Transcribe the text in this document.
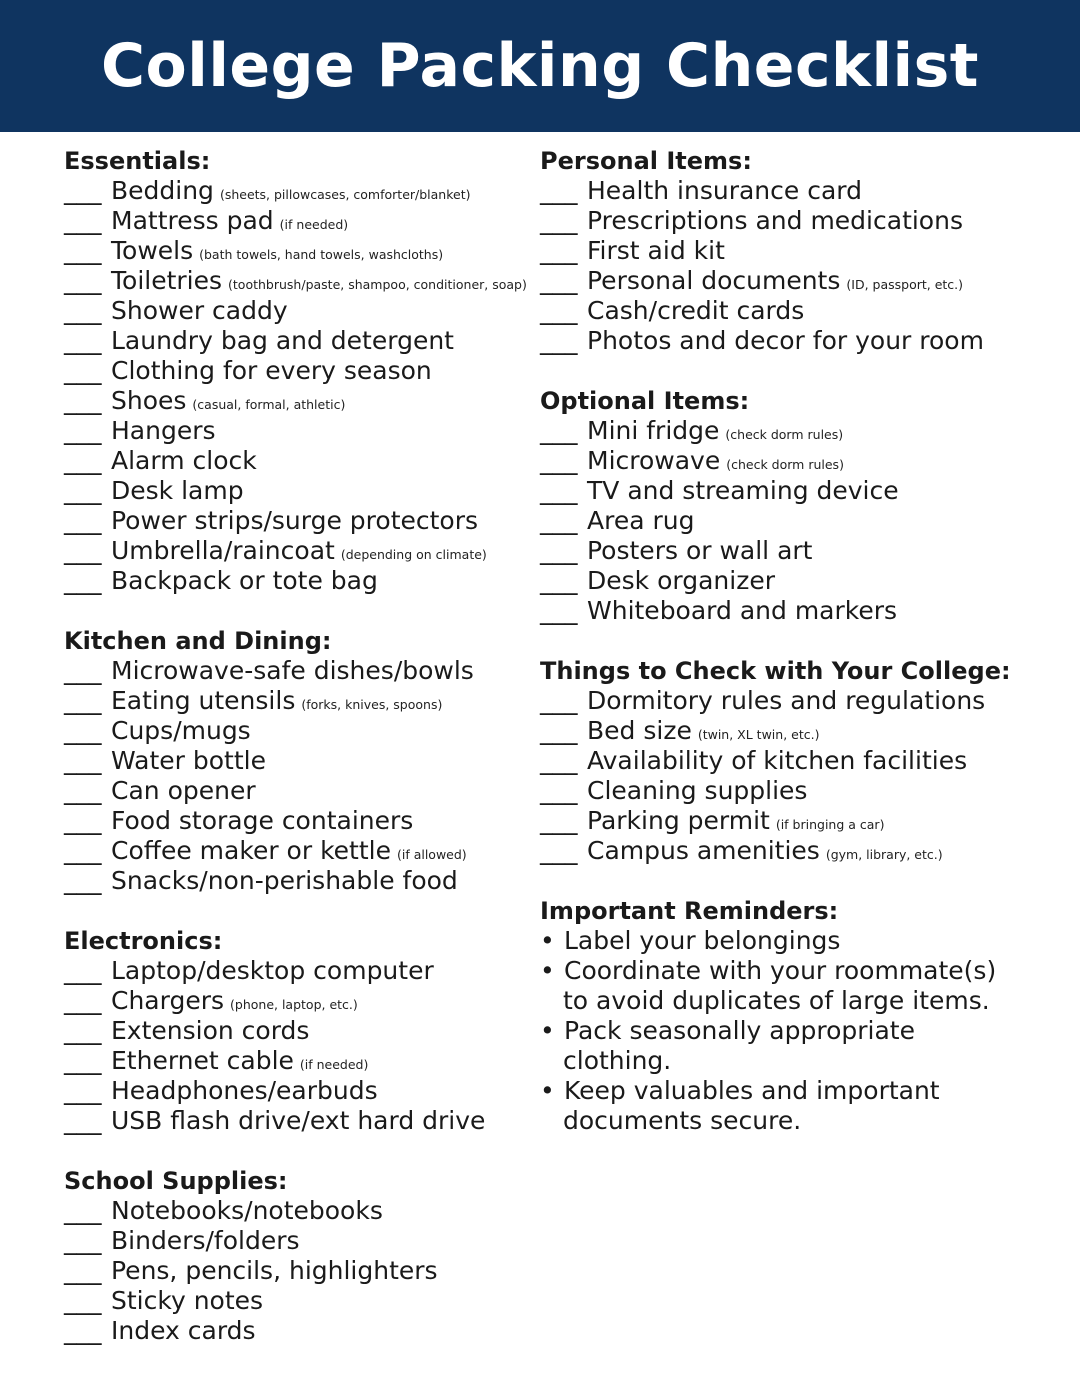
College Packing Checklist
Essentials:
___ Bedding (sheets, pillowcases, comforter/blanket)
___ Mattress pad (if needed)
___ Towels (bath towels, hand towels, washcloths)
___ Toiletries (toothbrush/paste, shampoo, conditioner, soap)
___ Shower caddy
___ Laundry bag and detergent
___ Clothing for every season
___ Shoes (casual, formal, athletic)
___ Hangers
___ Alarm clock
___ Desk lamp
___ Power strips/surge protectors
___ Umbrella/raincoat (depending on climate)
___ Backpack or tote bag
Kitchen and Dining:
___ Microwave-safe dishes/bowls
___ Eating utensils (forks, knives, spoons)
___ Cups/mugs
___ Water bottle
___ Can opener
___ Food storage containers
___ Coffee maker or kettle (if allowed)
___ Snacks/non-perishable food
Electronics:
___ Laptop/desktop computer
___ Chargers (phone, laptop, etc.)
___ Extension cords
___ Ethernet cable (if needed)
___ Headphones/earbuds
___ USB flash drive/ext hard drive
School Supplies:
___ Notebooks/notebooks
___ Binders/folders
___ Pens, pencils, highlighters
___ Sticky notes
___ Index cards
Personal Items:
___ Health insurance card
___ Prescriptions and medications
___ First aid kit
___ Personal documents (ID, passport, etc.)
___ Cash/credit cards
___ Photos and decor for your room
Optional Items:
___ Mini fridge (check dorm rules)
___ Microwave (check dorm rules)
___ TV and streaming device
___ Area rug
___ Posters or wall art
___ Desk organizer
___ Whiteboard and markers
Things to Check with Your College:
___ Dormitory rules and regulations
___ Bed size (twin, XL twin, etc.)
___ Availability of kitchen facilities
___ Cleaning supplies
___ Parking permit (if bringing a car)
___ Campus amenities (gym, library, etc.)
Important Reminders:
• Label your belongings
• Coordinate with your roommate(s)
to avoid duplicates of large items.
• Pack seasonally appropriate
clothing.
• Keep valuables and important
documents secure.
